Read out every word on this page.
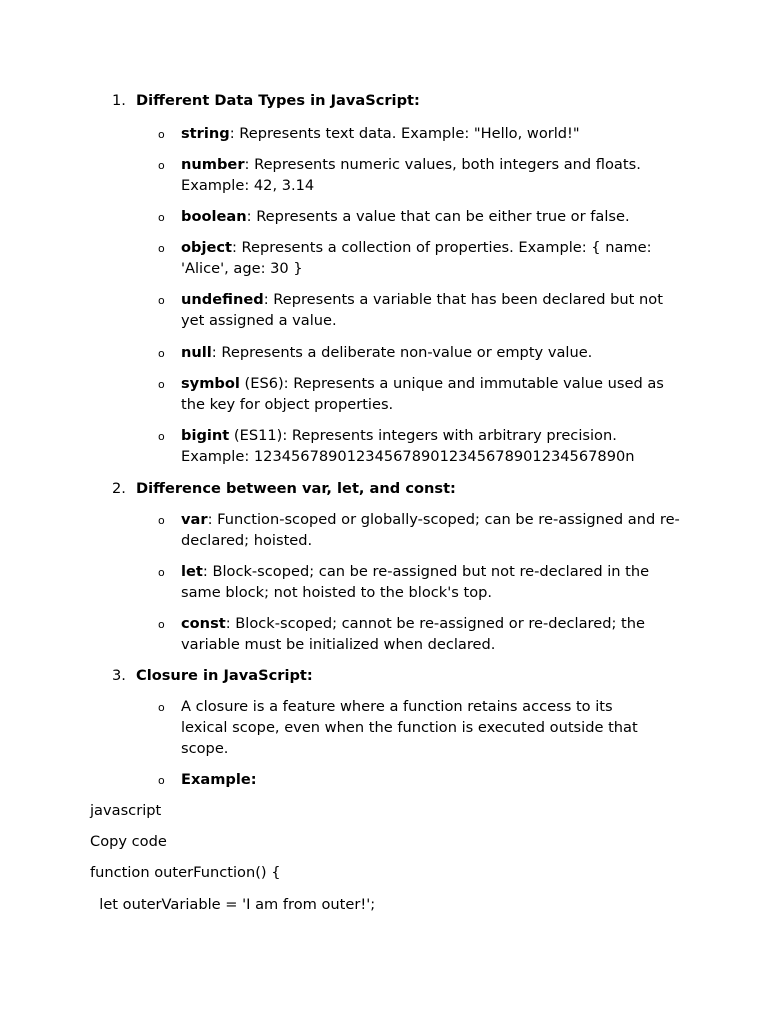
1. Different Data Types in JavaScript:
o string: Represents text data. Example: "Hello, world!"
o number: Represents numeric values, both integers and floats. Example: 42, 3.14
o boolean: Represents a value that can be either true or false.
o object: Represents a collection of properties. Example: { name: 'Alice', age: 30 }
o undefined: Represents a variable that has been declared but not yet assigned a value.
o null: Represents a deliberate non-value or empty value.
o symbol (ES6): Represents a unique and immutable value used as the key for object properties.
o bigint (ES11): Represents integers with arbitrary precision. Example: 1234567890123456789012345678901234567890n
2. Difference between var, let, and const:
o var: Function-scoped or globally-scoped; can be re-assigned and re-declared; hoisted.
o let: Block-scoped; can be re-assigned but not re-declared in the same block; not hoisted to the block's top.
o const: Block-scoped; cannot be re-assigned or re-declared; the variable must be initialized when declared.
3. Closure in JavaScript:
o A closure is a feature where a function retains access to its lexical scope, even when the function is executed outside that scope.
o Example:
javascript
Copy code
function outerFunction() {
let outerVariable = 'I am from outer!';
